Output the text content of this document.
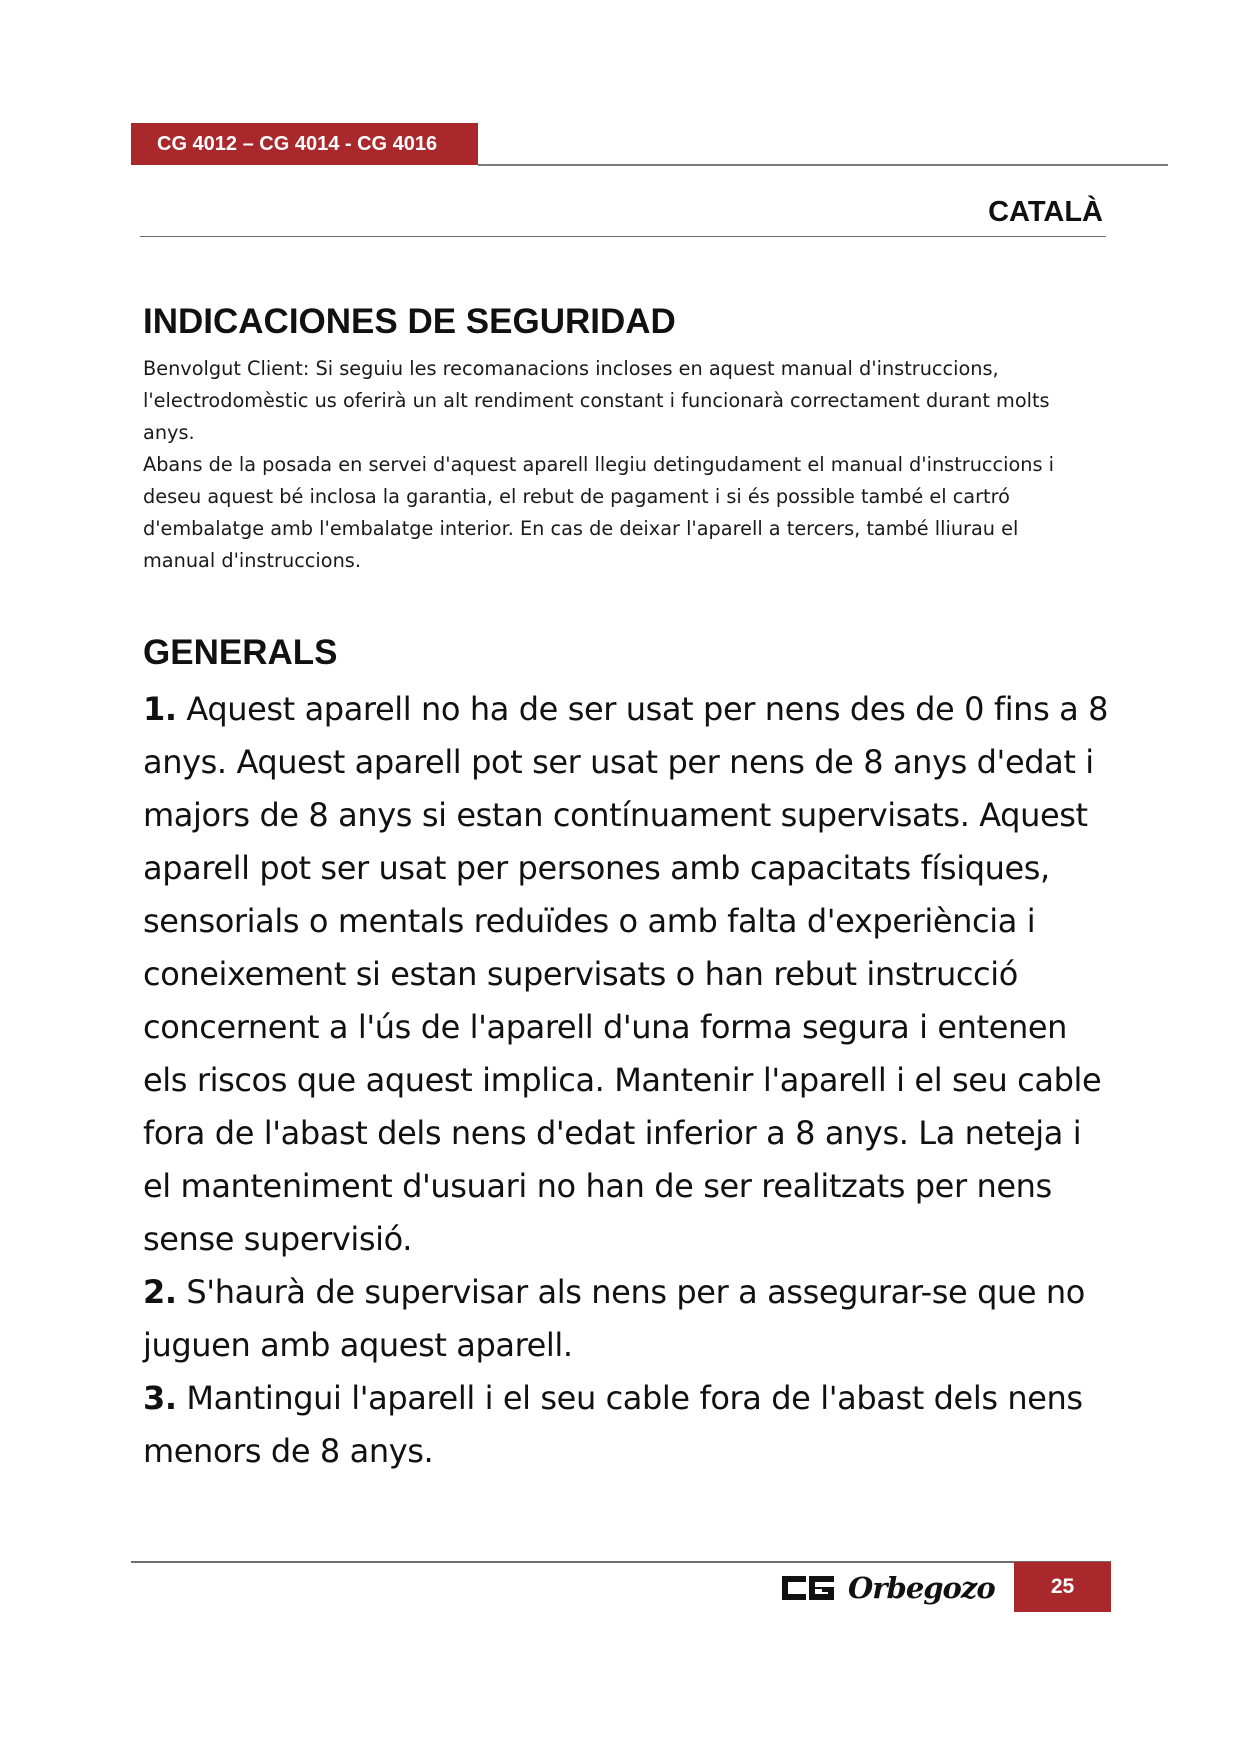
CG 4012 – CG 4014 - CG 4016
CATALÀ
INDICACIONES DE SEGURIDAD

Benvolgut Client: Si seguiu les recomanacions incloses en aquest manual d'instruccions, l'electrodomèstic us oferirà un alt rendiment constant i funcionarà correctament durant molts anys.

Abans de la posada en servei d'aquest aparell llegiu detingudament el manual d'instruccions i deseu aquest bé inclosa la garantia, el rebut de pagament i si és possible també el cartró d'embalatge amb l'embalatge interior. En cas de deixar l'aparell a tercers, també lliurau el manual d'instruccions.

GENERALS

1. Aquest aparell no ha de ser usat per nens des de 0 fins a 8 anys. Aquest aparell pot ser usat per nens de 8 anys d'edat i majors de 8 anys si estan contínuament supervisats. Aquest aparell pot ser usat per persones amb capacitats físiques, sensorials o mentals reduïdes o amb falta d'experiència i coneixement si estan supervisats o han rebut instrucció concernent a l'ús de l'aparell d'una forma segura i entenen els riscos que aquest implica. Mantenir l'aparell i el seu cable fora de l'abast dels nens d'edat inferior a 8 anys. La neteja i el manteniment d'usuari no han de ser realitzats per nens sense supervisió.

2. S'haurà de supervisar als nens per a assegurar-se que no juguen amb aquest aparell.

3. Mantingui l'aparell i el seu cable fora de l'abast dels nens menors de 8 anys.

Orbegozo	25
